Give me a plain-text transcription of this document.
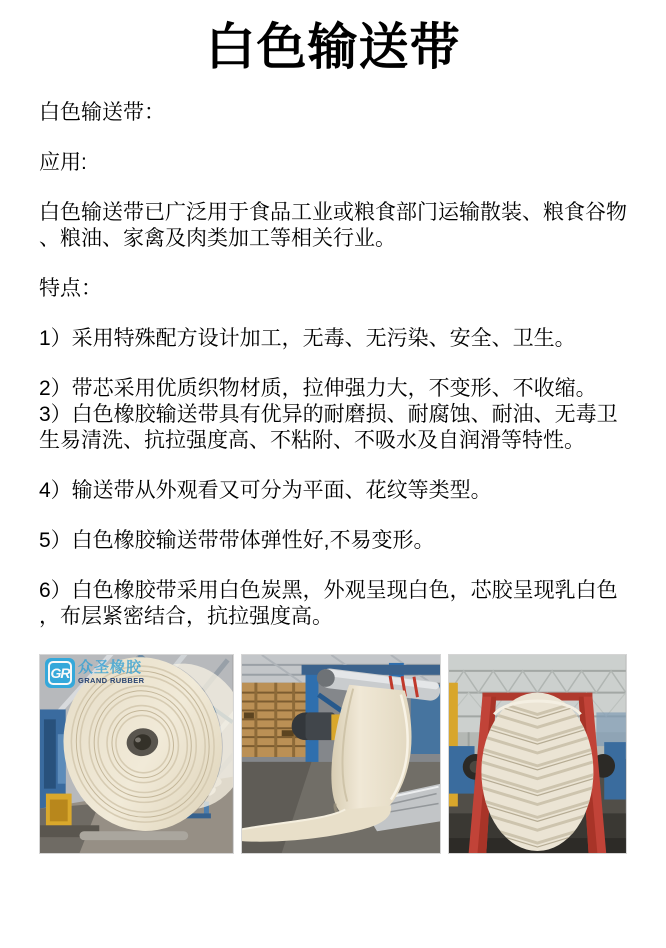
白色输送带

白色输送带：

应用:

白色输送带已广泛用于食品工业或粮食部门运输散装、粮食谷物、粮油、家禽及肉类加工等相关行业。

特点：

1）采用特殊配方设计加工，无毒、无污染、安全、卫生。

2）带芯采用优质织物材质，拉伸强力大，不变形、不收缩。

3）白色橡胶输送带具有优异的耐磨损、耐腐蚀、耐油、无毒卫生易清洗、抗拉强度高、不粘附、不吸水及自润滑等特性。

4）输送带从外观看又可分为平面、花纹等类型。

5）白色橡胶输送带带体弹性好,不易变形。

6）白色橡胶带采用白色炭黑，外观呈现白色，芯胶呈现乳白色，布层紧密结合，抗拉强度高。

GR 众圣橡胶
GRAND RUBBER
